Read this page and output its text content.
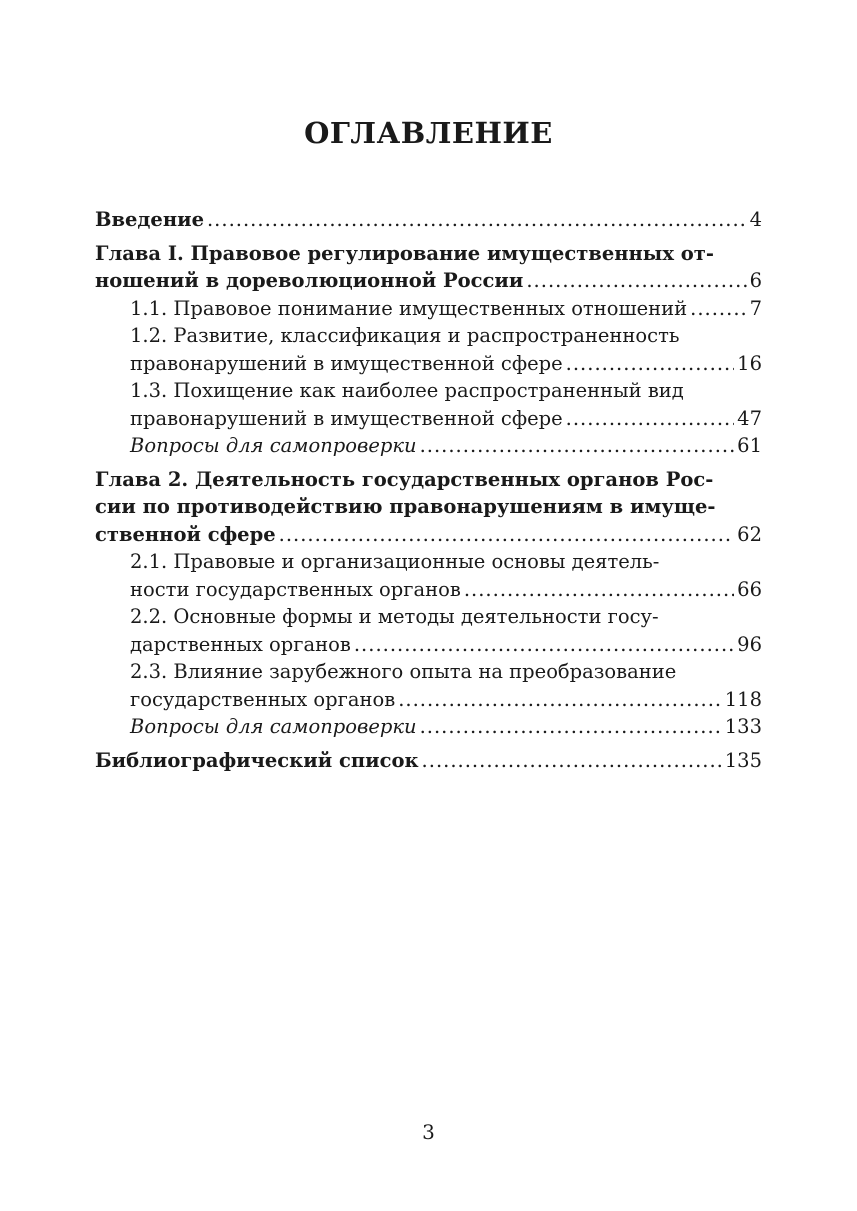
ОГЛАВЛЕНИЕ
Введение .....	4
Глава I. Правовое регулирование имущественных от-
ношений в дореволюционной России .....	6
1.1. Правовое понимание имущественных отношений .....	7
1.2. Развитие, классификация и распространенность
правонарушений в имущественной сфере .....	16
1.3. Похищение как наиболее распространенный вид
правонарушений в имущественной сфере .....	47
Вопросы для самопроверки .....	61
Глава 2. Деятельность государственных органов Рос-
сии по противодействию правонарушениям в имуще-
ственной сфере .....	62
2.1. Правовые и организационные основы деятель-
ности государственных органов .....	66
2.2. Основные формы и методы деятельности госу-
дарственных органов .....	96
2.3. Влияние зарубежного опыта на преобразование
государственных органов .....	118
Вопросы для самопроверки .....	133
Библиографический список .....	135
3
